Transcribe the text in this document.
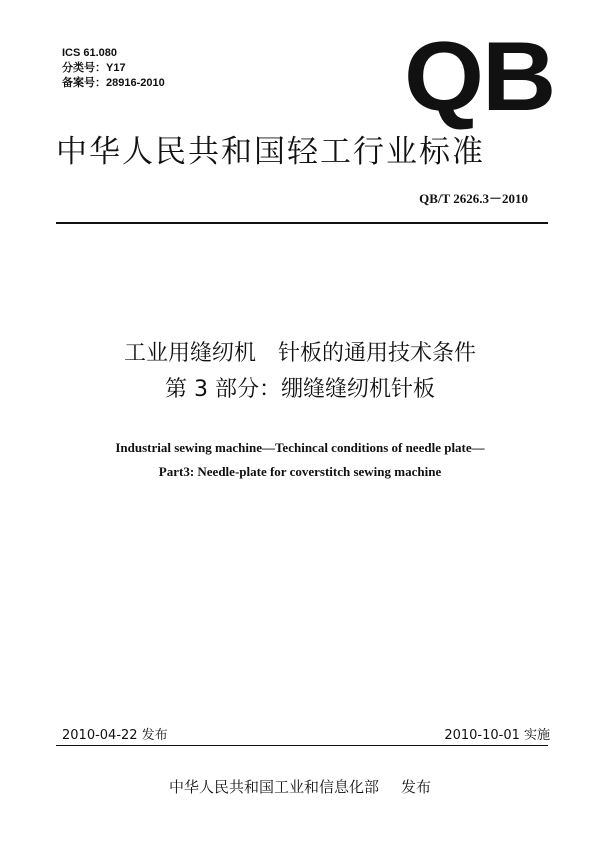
ICS 61.080
分类号：Y17
备案号：28916-2010 QB
中华人民共和国轻工行业标准
QB/T 2626.3－2010
工业用缝纫机　针板的通用技术条件
第 3 部分：绷缝缝纫机针板
Industrial sewing machine—Techincal conditions of needle plate—
Part3: Needle-plate for coverstitch sewing machine
2010-04-22 发布	2010-10-01 实施
中华人民共和国工业和信息化部 发布
